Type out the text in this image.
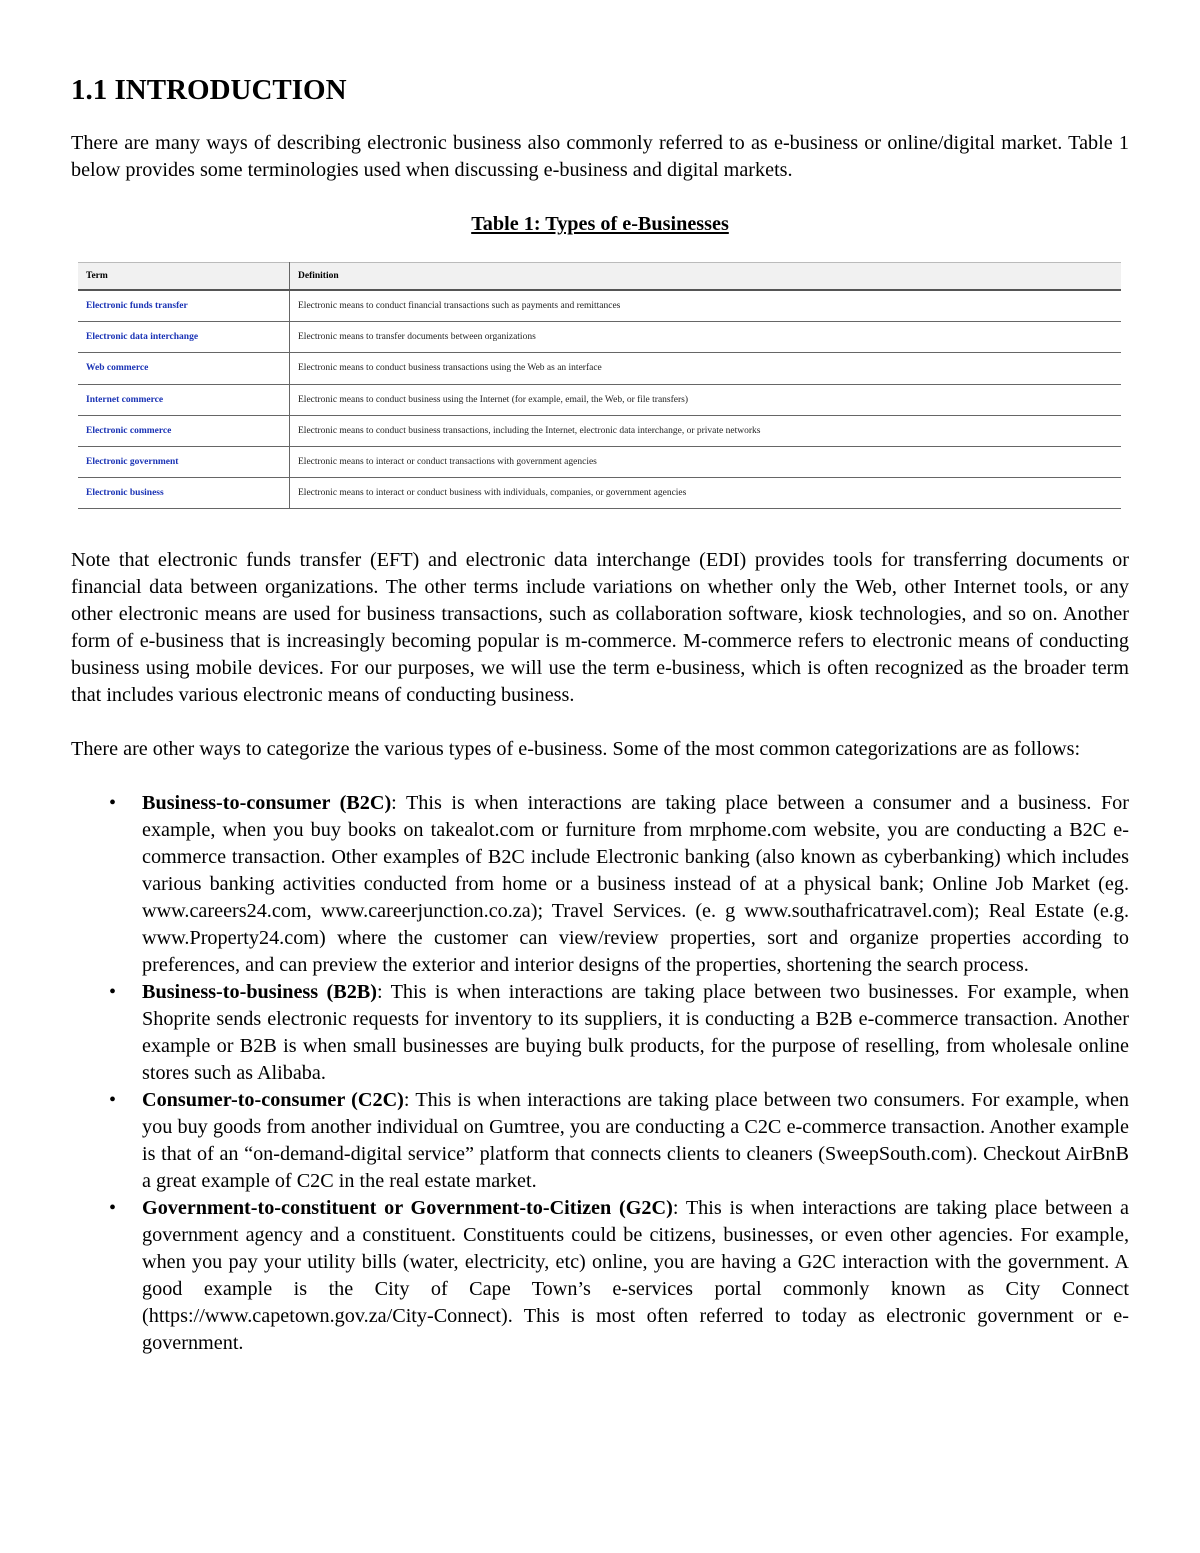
1.1 INTRODUCTION

There are many ways of describing electronic business also commonly referred to as e-business or online/digital market. Table 1 below provides some terminologies used when discussing e-business and digital markets.

Table 1: Types of e-Businesses
Term	Definition
Electronic funds transfer	Electronic means to conduct financial transactions such as payments and remittances
Electronic data interchange	Electronic means to transfer documents between organizations
Web commerce	Electronic means to conduct business transactions using the Web as an interface
Internet commerce	Electronic means to conduct business using the Internet (for example, email, the Web, or file transfers)
Electronic commerce	Electronic means to conduct business transactions, including the Internet, electronic data interchange, or private networks
Electronic government	Electronic means to interact or conduct transactions with government agencies
Electronic business	Electronic means to interact or conduct business with individuals, companies, or government agencies

Note that electronic funds transfer (EFT) and electronic data interchange (EDI) provides tools for transferring documents or financial data between organizations. The other terms include variations on whether only the Web, other Internet tools, or any other electronic means are used for business transactions, such as collaboration software, kiosk technologies, and so on. Another form of e-business that is increasingly becoming popular is m-commerce. M-commerce refers to electronic means of conducting business using mobile devices. For our purposes, we will use the term e-business, which is often recognized as the broader term that includes various electronic means of conducting business.

There are other ways to categorize the various types of e-business. Some of the most common categorizations are as follows:

• Business-to-consumer (B2C): This is when interactions are taking place between a consumer and a business. For example, when you buy books on takealot.com or furniture from mrphome.com website, you are conducting a B2C e-commerce transaction. Other examples of B2C include Electronic banking (also known as cyberbanking) which includes various banking activities conducted from home or a business instead of at a physical bank; Online Job Market (eg. www.careers24.com, www.careerjunction.co.za); Travel Services. (e. g www.southafricatravel.com); Real Estate (e.g. www.Property24.com) where the customer can view/review properties, sort and organize properties according to preferences, and can preview the exterior and interior designs of the properties, shortening the search process.
• Business-to-business (B2B): This is when interactions are taking place between two businesses. For example, when Shoprite sends electronic requests for inventory to its suppliers, it is conducting a B2B e-commerce transaction. Another example or B2B is when small businesses are buying bulk products, for the purpose of reselling, from wholesale online stores such as Alibaba.
• Consumer-to-consumer (C2C): This is when interactions are taking place between two consumers. For example, when you buy goods from another individual on Gumtree, you are conducting a C2C e-commerce transaction. Another example is that of an “on-demand-digital service” platform that connects clients to cleaners (SweepSouth.com). Checkout AirBnB a great example of C2C in the real estate market.
• Government-to-constituent or Government-to-Citizen (G2C): This is when interactions are taking place between a government agency and a constituent. Constituents could be citizens, businesses, or even other agencies. For example, when you pay your utility bills (water, electricity, etc) online, you are having a G2C interaction with the government. A good example is the City of Cape Town’s e-services portal commonly known as City Connect (https://www.capetown.gov.za/City-Connect). This is most often referred to today as electronic government or e-government.
